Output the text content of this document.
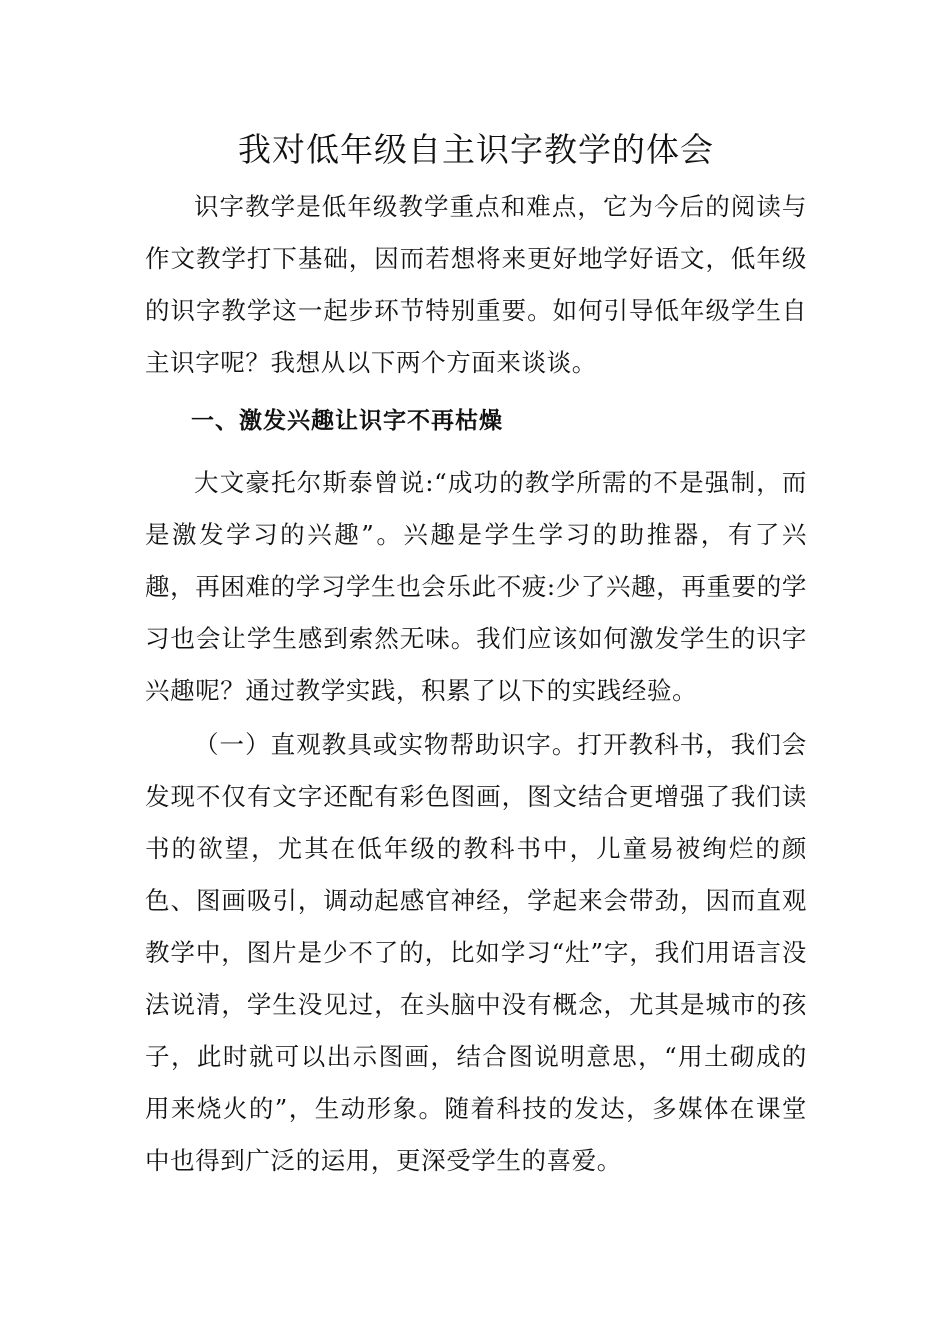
我对低年级自主识字教学的体会

识字教学是低年级教学重点和难点，它为今后的阅读与作文教学打下基础，因而若想将来更好地学好语文，低年级的识字教学这一起步环节特别重要。如何引导低年级学生自主识字呢？我想从以下两个方面来谈谈。

一、激发兴趣让识字不再枯燥

大文豪托尔斯泰曾说:“成功的教学所需的不是强制，而是激发学习的兴趣”。兴趣是学生学习的助推器，有了兴趣，再困难的学习学生也会乐此不疲:少了兴趣，再重要的学习也会让学生感到索然无味。我们应该如何激发学生的识字兴趣呢？通过教学实践，积累了以下的实践经验。

（一）直观教具或实物帮助识字。打开教科书，我们会发现不仅有文字还配有彩色图画，图文结合更增强了我们读书的欲望，尤其在低年级的教科书中，儿童易被绚烂的颜色、图画吸引，调动起感官神经，学起来会带劲，因而直观教学中，图片是少不了的，比如学习“灶”字，我们用语言没法说清，学生没见过，在头脑中没有概念，尤其是城市的孩子，此时就可以出示图画，结合图说明意思，“用土砌成的用来烧火的”，生动形象。随着科技的发达，多媒体在课堂中也得到广泛的运用，更深受学生的喜爱。
